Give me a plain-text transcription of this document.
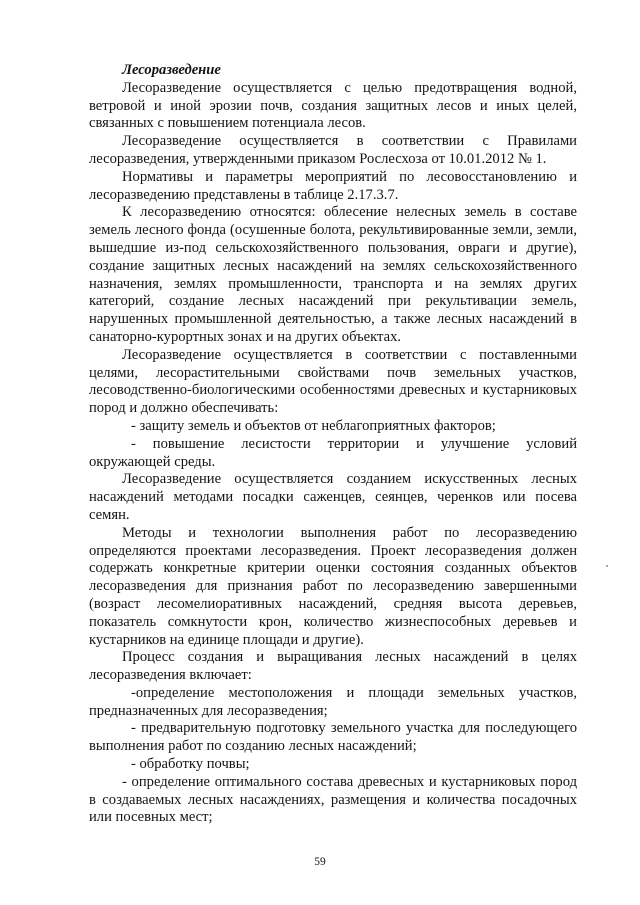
Лесоразведение

Лесоразведение осуществляется с целью предотвращения водной, ветровой и иной эрозии почв, создания защитных лесов и иных целей, связанных с повышением потенциала лесов.

Лесоразведение осуществляется в соответствии с Правилами лесоразведения, утвержденными приказом Рослесхоза от 10.01.2012 № 1.

Нормативы и параметры мероприятий по лесовосстановлению и лесоразведению представлены в таблице 2.17.3.7.

К лесоразведению относятся: облесение нелесных земель в составе земель лесного фонда (осушенные болота, рекультивированные земли, земли, вышедшие из-под сельскохозяйственного пользования, овраги и другие), создание защитных лесных насаждений на землях сельскохозяйственного назначения, землях промышленности, транспорта и на землях других категорий, создание лесных насаждений при рекультивации земель, нарушенных промышленной деятельностью, а также лесных насаждений в санаторно-курортных зонах и на других объектах.

Лесоразведение осуществляется в соответствии с поставленными целями, лесорастительными свойствами почв земельных участков, лесоводственно-биологическими особенностями древесных и кустарниковых пород и должно обеспечивать:

- защиту земель и объектов от неблагоприятных факторов;

- повышение лесистости территории и улучшение условий окружающей среды.

Лесоразведение осуществляется созданием искусственных лесных насаждений методами посадки саженцев, сеянцев, черенков или посева семян.

Методы и технологии выполнения работ по лесоразведению определяются проектами лесоразведения. Проект лесоразведения должен содержать конкретные критерии оценки состояния созданных объектов лесоразведения для признания работ по лесоразведению завершенными (возраст лесомелиоративных насаждений, средняя высота деревьев, показатель сомкнутости крон, количество жизнеспособных деревьев и кустарников на единице площади и другие).

Процесс создания и выращивания лесных насаждений в целях лесоразведения включает:

-определение местоположения и площади земельных участков, предназначенных для лесоразведения;

- предварительную подготовку земельного участка для последующего выполнения работ по созданию лесных насаждений;

- обработку почвы;

- определение оптимального состава древесных и кустарниковых пород в создаваемых лесных насаждениях, размещения и количества посадочных или посевных мест;

59
